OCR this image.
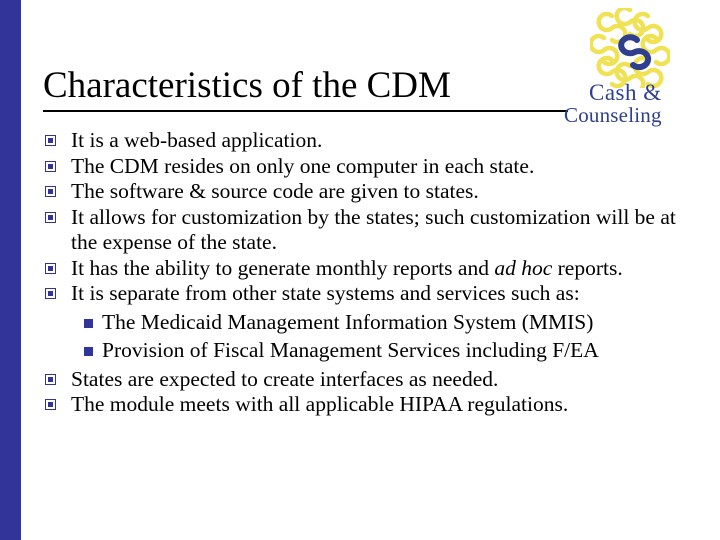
Characteristics of the CDM	Cash &
Counseling
It is a web-based application.
The CDM resides on only one computer in each state.
The software & source code are given to states.
It allows for customization by the states; such customization will be at the expense of the state.
It has the ability to generate monthly reports and ad hoc reports.
It is separate from other state systems and services such as:
The Medicaid Management Information System (MMIS)
Provision of Fiscal Management Services including F/EA
States are expected to create interfaces as needed.
The module meets with all applicable HIPAA regulations.
